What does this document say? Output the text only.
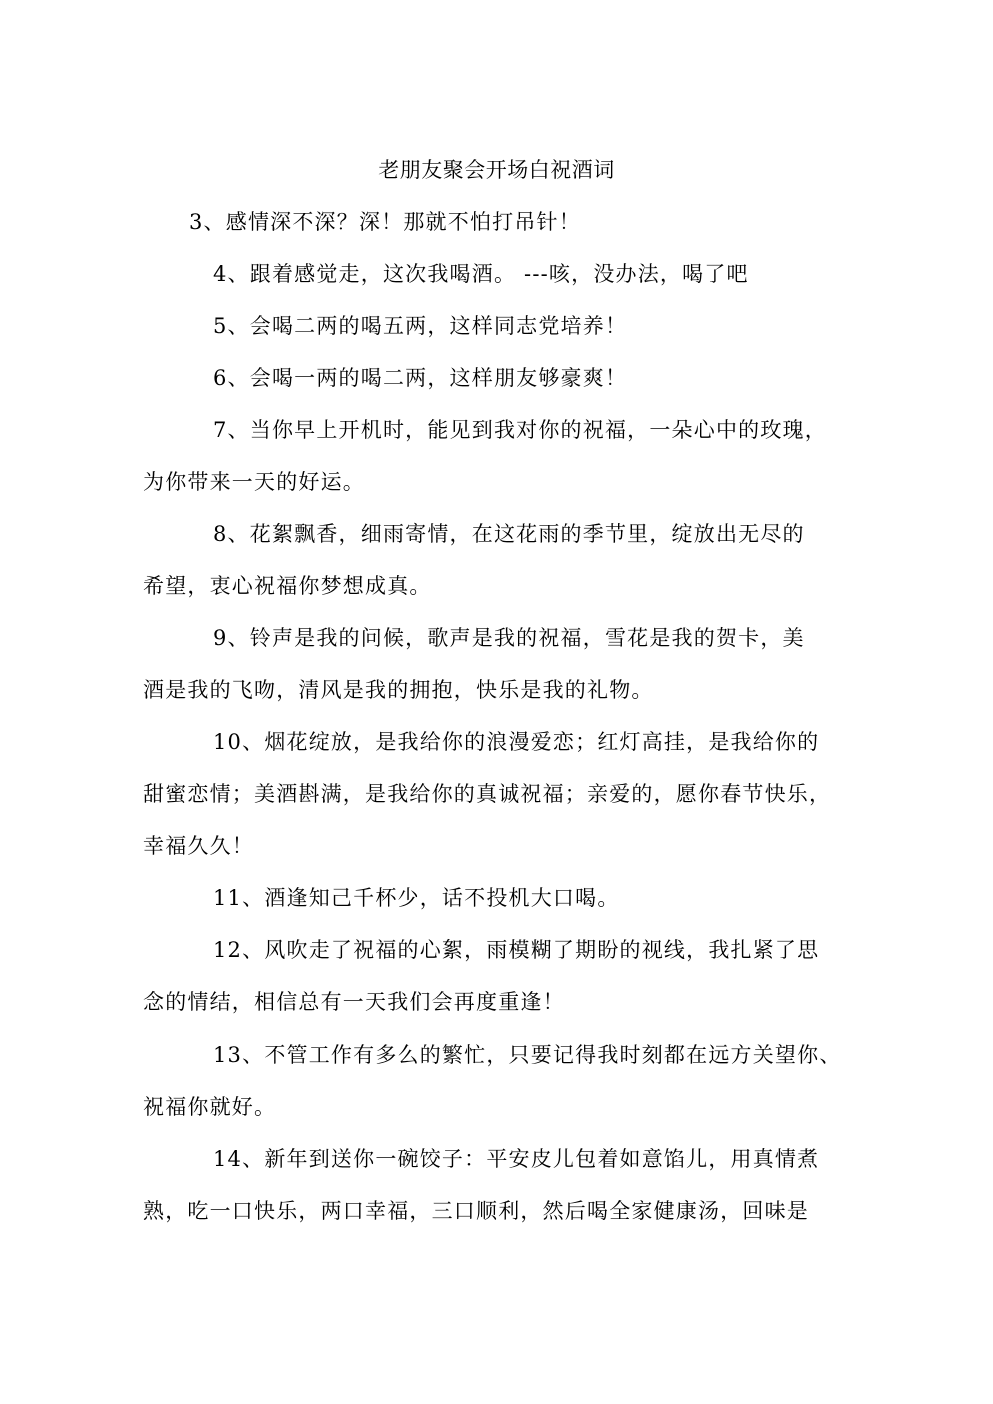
老朋友聚会开场白祝酒词
3、感情深不深？深！那就不怕打吊针！
4、跟着感觉走，这次我喝酒。 ---咳，没办法，喝了吧
5、会喝二两的喝五两，这样同志党培养！
6、会喝一两的喝二两，这样朋友够豪爽！
7、当你早上开机时，能见到我对你的祝福，一朵心中的玫瑰，
为你带来一天的好运。
8、花絮飘香，细雨寄情，在这花雨的季节里，绽放出无尽的
希望，衷心祝福你梦想成真。
9、铃声是我的问候，歌声是我的祝福，雪花是我的贺卡，美
酒是我的飞吻，清风是我的拥抱，快乐是我的礼物。
10、烟花绽放，是我给你的浪漫爱恋；红灯高挂，是我给你的
甜蜜恋情；美酒斟满，是我给你的真诚祝福；亲爱的，愿你春节快乐，
幸福久久！
11、酒逢知己千杯少，话不投机大口喝。
12、风吹走了祝福的心絮，雨模糊了期盼的视线，我扎紧了思
念的情结，相信总有一天我们会再度重逢！
13、不管工作有多么的繁忙，只要记得我时刻都在远方关望你、
祝福你就好。
14、新年到送你一碗饺子：平安皮儿包着如意馅儿，用真情煮
熟，吃一口快乐，两口幸福，三口顺利，然后喝全家健康汤，回味是
